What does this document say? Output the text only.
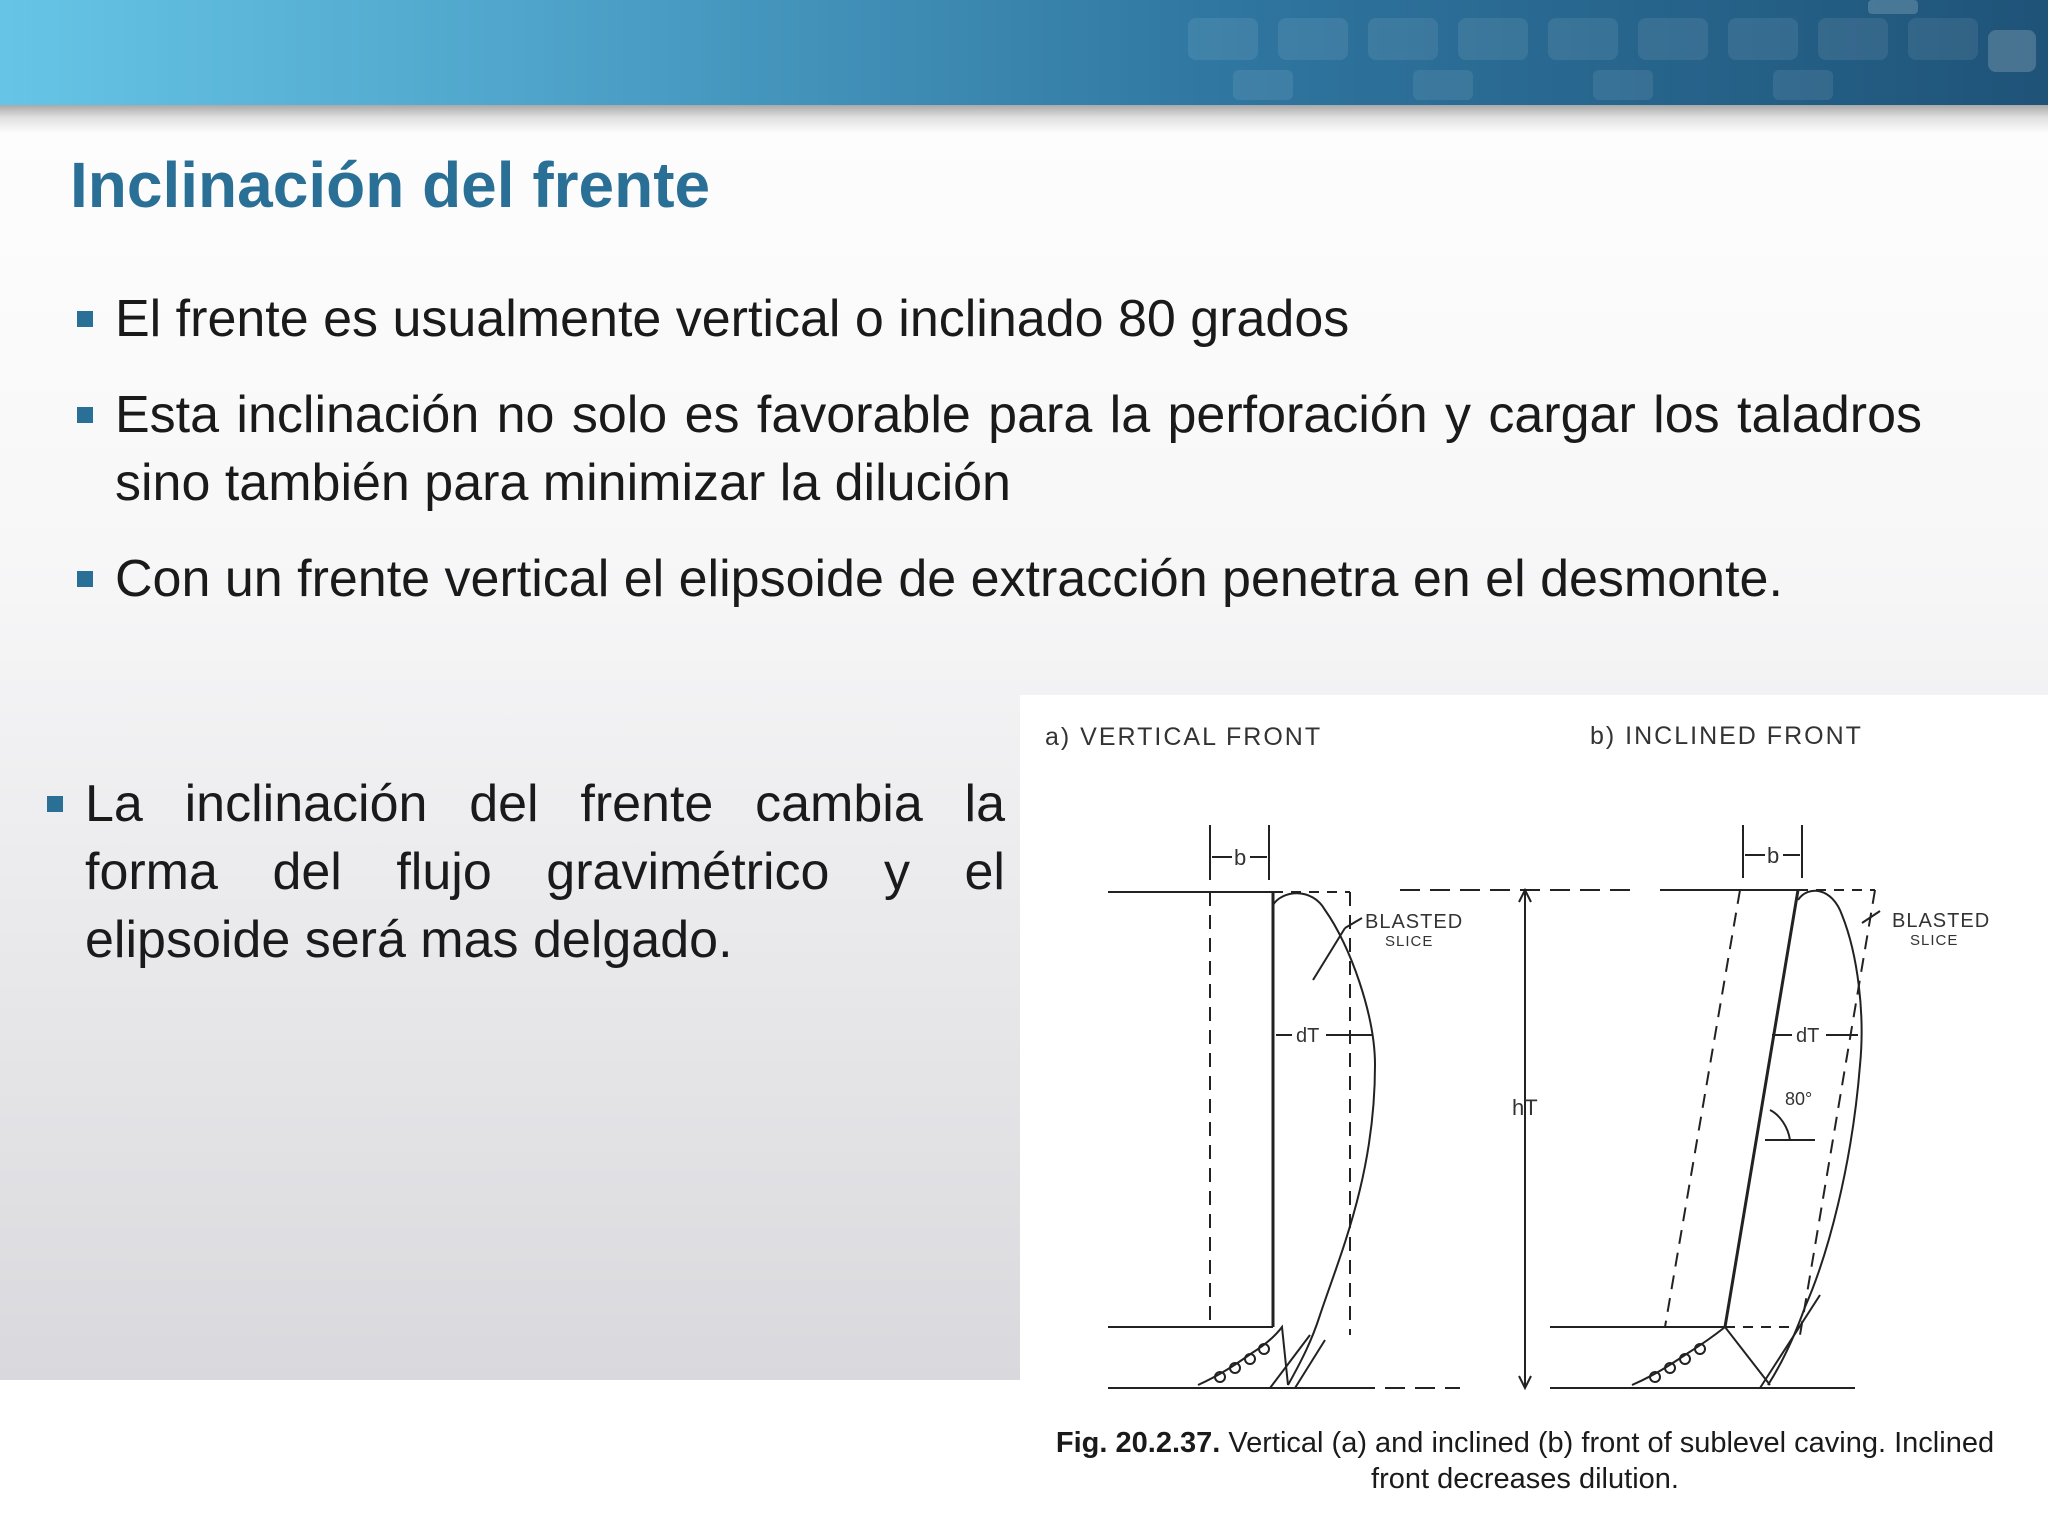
Inclinación del frente
El frente es usualmente vertical o inclinado 80 grados
Esta inclinación no solo es favorable para la perforación y cargar los taladros sino también para minimizar la dilución
Con un frente vertical el elipsoide de extracción penetra en el desmonte.
La inclinación del frente cambia la forma del flujo gravimétrico y el elipsoide será mas delgado.
a) VERTICAL FRONT	b) INCLINED FRONT
b
BLASTED
SLICE
dT
hT
b
BLASTED
SLICE
dT
80°
Fig. 20.2.37. Vertical (a) and inclined (b) front of sublevel caving. Inclined front decreases dilution.
